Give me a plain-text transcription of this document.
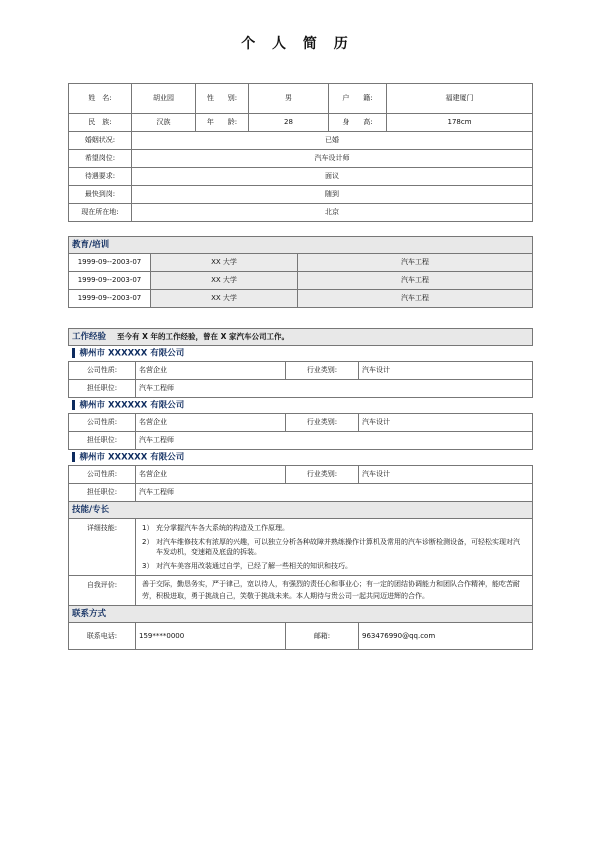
个 人 简 历
姓　名:	胡业园	性　　别:	男	户　　籍:	福建厦门
民　族:	汉族	年　　龄:	28	身　　高:	178cm
婚姻状况:	已婚				
希望岗位:	汽车设计师				
待遇要求:	面议				
最快到岗:	随到				
现在所在地:	北京				
教育/培训		
1999-09--2003-07	XX 大学	汽车工程
1999-09--2003-07	XX 大学	汽车工程
1999-09--2003-07	XX 大学	汽车工程
工作经验 至今有 X 年的工作经验，曾在 X 家汽车公司工作。			
柳州市 XXXXXX 有限公司			
公司性质:	名营企业	行业类别:	汽车设计
担任职位:	汽车工程师		
柳州市 XXXXXX 有限公司			
公司性质:	名营企业	行业类别:	汽车设计
担任职位:	汽车工程师		
柳州市 XXXXXX 有限公司			
公司性质:	名营企业	行业类别:	汽车设计
担任职位:	汽车工程师		
技能/专长			
详细技能:	1） 充分掌握汽车各大系统的构造及工作原理。
2） 对汽车维修技术有浓厚的兴趣，可以独立分析各种故障并熟练操作计算机及常用的汽车诊断检测设备，可轻松实现对汽车发动机，变速箱及底盘的拆装。
3） 对汽车美容用改装通过自学，已经了解一些相关的知识和技巧。		

自我评价:	善于交际，勤恳务实，严于律己，宽以待人，有强烈的责任心和事业心；有一定的团结协调能力和团队合作精神，能吃苦耐劳，积极进取，勇于挑战自己，笑敬于挑战未来。本人期待与贵公司一起共同迈进辉的合作。		
联系方式			
联系电话:	159****0000	邮箱:	963476990@qq.com
